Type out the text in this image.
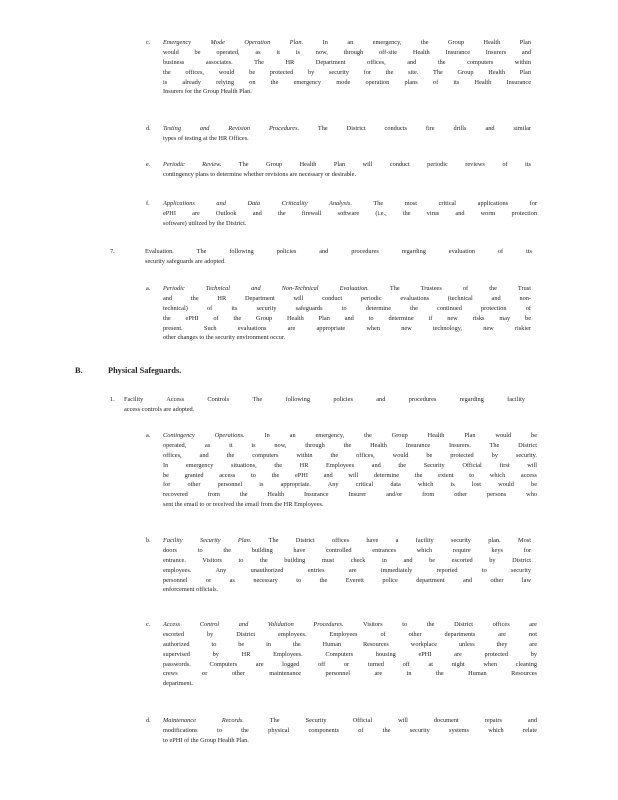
B.	Physical Safeguards.
c.	Emergency Mode Operation Plan. In an emergency, the Group Health Plan
would be operated, as it is now, through off-site Health Insurance Insurers and
business associates. The HR Department offices, and the computers within
the offices, would be protected by security for the site. The Group Health Plan
is already relying on the emergency mode operation plans of its Health Insurance
Insurers for the Group Health Plan.
d.	Testing and Revision Procedures. The District conducts fire drills and similar
types of testing at the HR Offices.
e.	Periodic Review. The Group Health Plan will conduct periodic reviews of its
contingency plans to determine whether revisions are necessary or desirable.
f.	Applications and Data Criticality Analysis. The most critical applications for
ePHI are Outlook and the firewall software (i.e., the virus and worm protection
software) utilized by the District.
7.	Evaluation. The following policies and procedures regarding evaluation of its
security safeguards are adopted.
a.	Periodic Technical and Non-Technical Evaluation. The Trustees of the Trust
and the HR Department will conduct periodic evaluations (technical and non-
technical) of its security safeguards to determine the continued protection of
the ePHI of the Group Health Plan and to determine if new risks may be
present. Such evaluations are appropriate when new technology, new riskier
other changes to the security environment occur.
1.	Facility Access Controls The following policies and procedures regarding facility
access controls are adopted.
a.	Contingency Operations. In an emergency, the Group Health Plan would be
operated, as it is now, through the Health Insurance Insurers. The District
offices, and the computers within the offices, would be protected by security.
In emergency situations, the HR Employees and the Security Official first will
be granted access to the ePHI and will determine the extent to which access
for other personnel is appropriate. Any critical data which is lost would be
recovered from the Health Insurance Insurer and/or from other persons who
sent the email to or received the email from the HR Employees.
b.	Facility Security Plan. The District offices have a facility security plan. Most
doors to the building have controlled entrances which require keys for
entrance. Visitors to the building must check in and be escorted by District
employees. Any unauthorized entries are immediately reported to security
personnel or as necessary to the Everett police department and other law
enforcement officials.
c.	Access Control and Validation Procedures. Visitors to the District offices are
escorted by District employees. Employees of other departments are not
authorized to be in the Human Resources workplace unless they are
supervised by HR Employees. Computers housing ePHI are protected by
passwords. Computers are logged off or turned off at night when cleaning
crews or other maintenance personnel are in the Human Resources
department.
d.	Maintenance Records. The Security Official will document repairs and
modifications to the physical components of the security systems which relate
to ePHI of the Group Health Plan.
